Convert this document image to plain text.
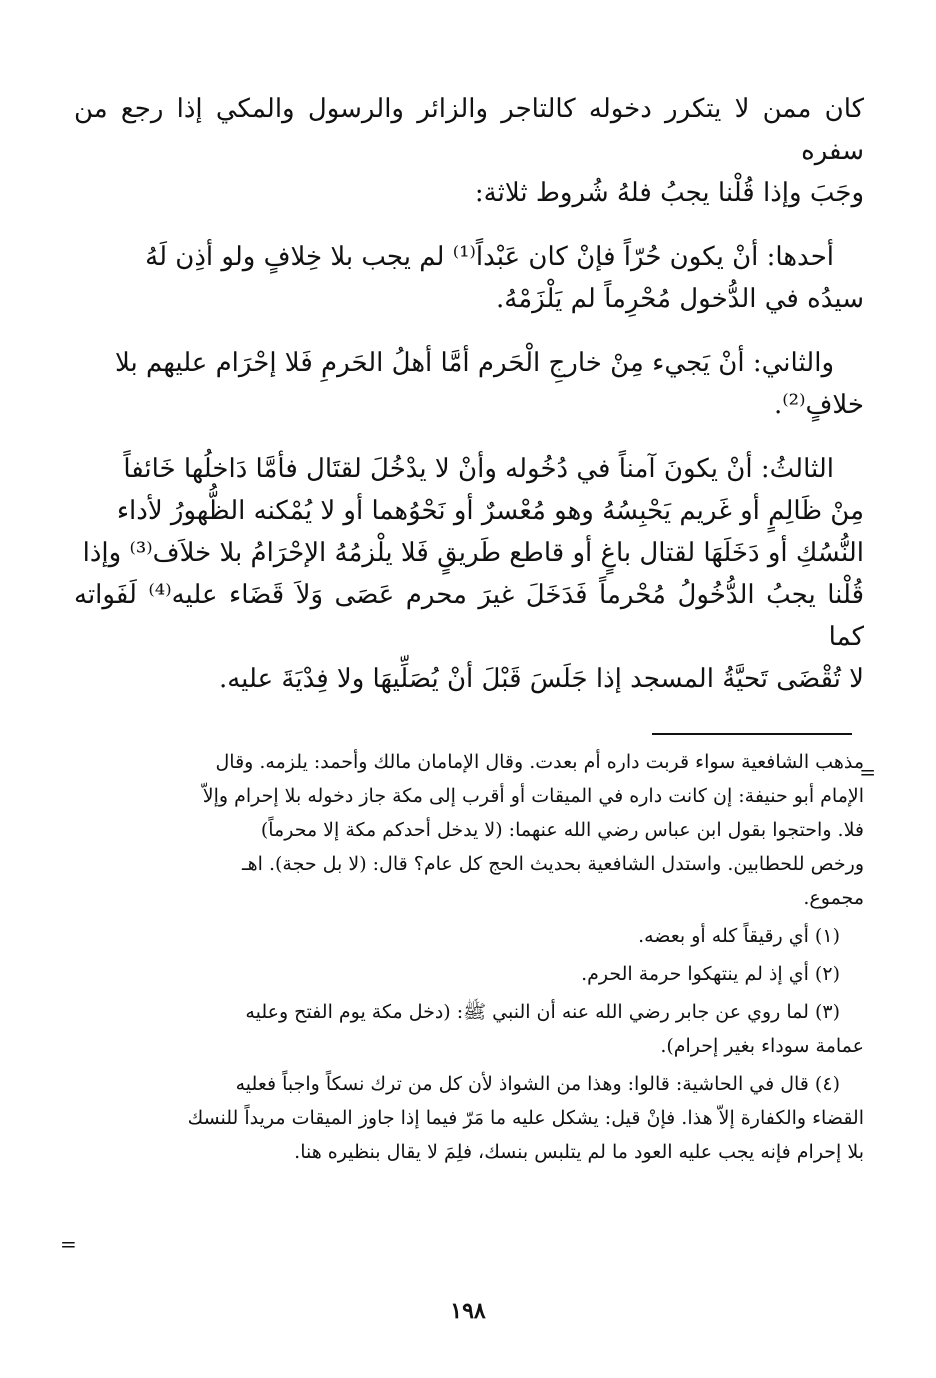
كان ممن لا يتكرر دخوله كالتاجر والزائر والرسول والمكي إذا رجع من سفره
وجَبَ وإذا قُلْنا يجبُ فلهُ شُروط ثلاثة:

أحدها: أنْ يكون حُرّاً فإنْ كان عَبْداً⁽¹⁾ لم يجب بلا خِلافٍ ولو أذِن لَهُ
سيدُه في الدُّخول مُحْرِماً لم يَلْزَمْهُ.

والثاني: أنْ يَجيء مِنْ خارجِ الْحَرم أمَّا أهلُ الحَرمِ فَلا إحْرَام عليهم بلا
خلافٍ⁽²⁾.

الثالثُ: أنْ يكونَ آمناً في دُخُوله وأنْ لا يدْخُلَ لقتَال فأمَّا دَاخلُها خَائفاً
مِنْ ظَالِمٍ أو غَريم يَحْبِسُهُ وهو مُعْسرٌ أو نَحْوُهما أو لا يُمْكنه الظُّهورُ لأداء
النُّسُكِ أو دَخَلَهَا لقتال باغٍ أو قاطع طَريقٍ فَلا يلْزمُهُ الإحْرَامُ بلا خلاَف⁽³⁾ وإذا
قُلْنا يجبُ الدُّخُولُ مُحْرماً فَدَخَلَ غيرَ محرم عَصَى وَلاَ قَضَاء عليه⁽⁴⁾ لَفَواته كما
لا تُقْضَى تَحيَّةُ المسجد إذا جَلَسَ قَبْلَ أنْ يُصَلِّيهَا ولا فِدْيَةَ عليه.

=

مذهب الشافعية سواء قربت داره أم بعدت. وقال الإمامان مالك وأحمد: يلزمه. وقال
الإمام أبو حنيفة: إن كانت داره في الميقات أو أقرب إلى مكة جاز دخوله بلا إحرام وإلاّ
فلا. واحتجوا بقول ابن عباس رضي الله عنهما: (لا يدخل أحدكم مكة إلا محرماً)
ورخص للحطابين. واستدل الشافعية بحديث الحج كل عام؟ قال: (لا بل حجة). اهـ
مجموع.

(١) أي رقيقاً كله أو بعضه.

(٢) أي إذ لم ينتهكوا حرمة الحرم.

(٣) لما روي عن جابر رضي الله عنه أن النبي ﷺ: (دخل مكة يوم الفتح وعليه
عمامة سوداء بغير إحرام).

(٤) قال في الحاشية: قالوا: وهذا من الشواذ لأن كل من ترك نسكاً واجباً فعليه
القضاء والكفارة إلاّ هذا. فإنْ قيل: يشكل عليه ما مَرّ فيما إذا جاوز الميقات مريداً للنسك
بلا إحرام فإنه يجب عليه العود ما لم يتلبس بنسك، فلِمَ لا يقال بنظيره هنا.

=
١٩٨
